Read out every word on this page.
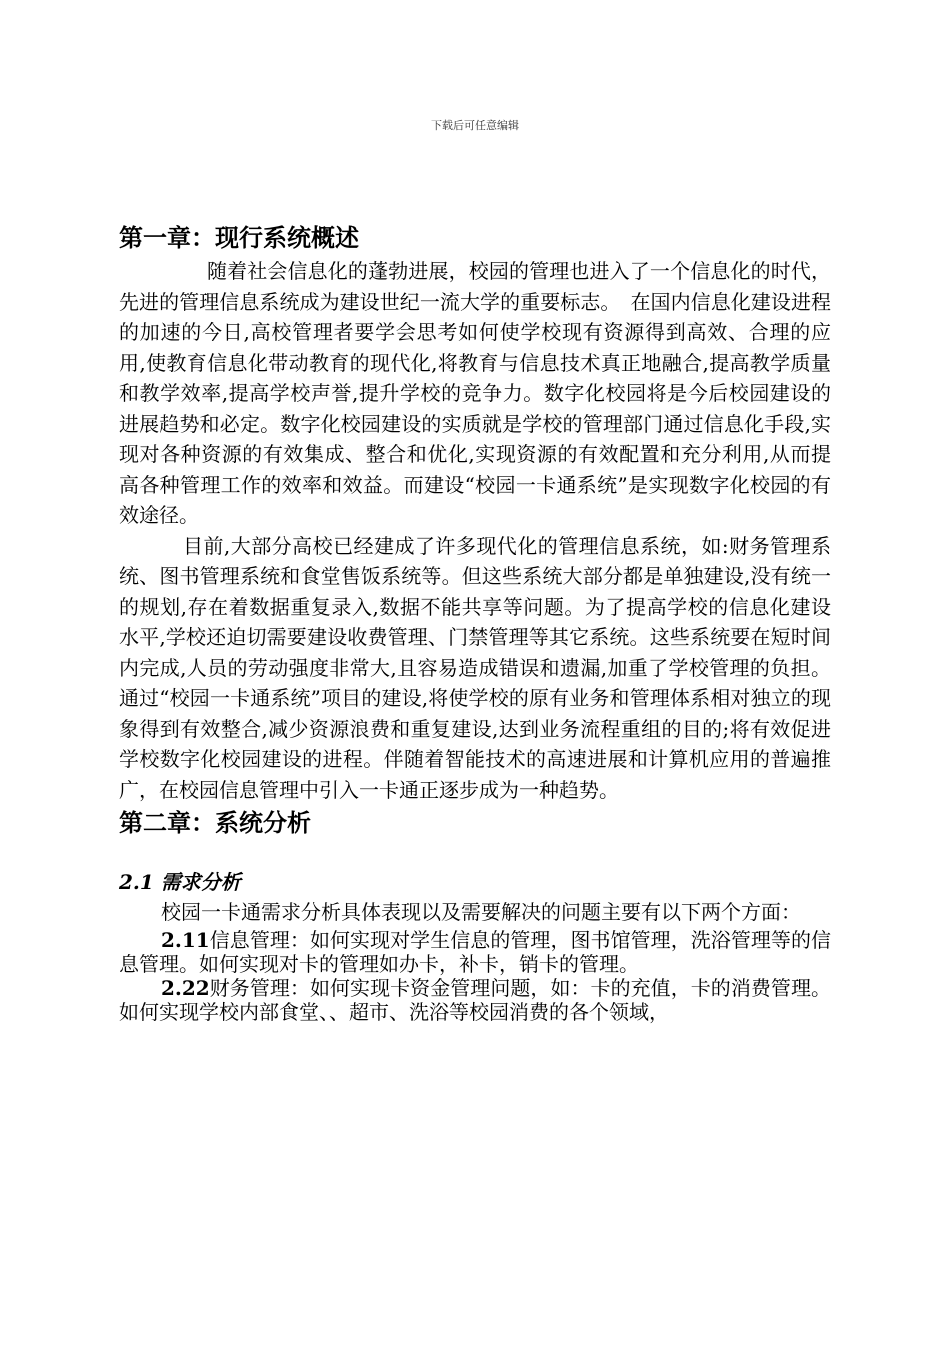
下载后可任意编辑
第一章：现行系统概述

随着社会信息化的蓬勃进展，校园的管理也进入了一个信息化的时代，先进的管理信息系统成为建设世纪一流大学的重要标志。　在国内信息化建设进程的加速的今日,高校管理者要学会思考如何使学校现有资源得到高效、合理的应用,使教育信息化带动教育的现代化,将教育与信息技术真正地融合,提高教学质量和教学效率,提高学校声誉,提升学校的竞争力。数字化校园将是今后校园建设的进展趋势和必定。数字化校园建设的实质就是学校的管理部门通过信息化手段,实现对各种资源的有效集成、整合和优化,实现资源的有效配置和充分利用,从而提高各种管理工作的效率和效益。而建设“校园一卡通系统”是实现数字化校园的有效途径。

目前,大部分高校已经建成了许多现代化的管理信息系统，如:财务管理系统、图书管理系统和食堂售饭系统等。但这些系统大部分都是单独建设,没有统一的规划,存在着数据重复录入,数据不能共享等问题。为了提高学校的信息化建设水平,学校还迫切需要建设收费管理、门禁管理等其它系统。这些系统要在短时间内完成,人员的劳动强度非常大,且容易造成错误和遗漏,加重了学校管理的负担。通过“校园一卡通系统”项目的建设,将使学校的原有业务和管理体系相对独立的现象得到有效整合,减少资源浪费和重复建设,达到业务流程重组的目的;将有效促进学校数字化校园建设的进程。伴随着智能技术的高速进展和计算机应用的普遍推广，在校园信息管理中引入一卡通正逐步成为一种趋势。

第二章：系统分析
2.1 需求分析

校园一卡通需求分析具体表现以及需要解决的问题主要有以下两个方面：

2.11信息管理：如何实现对学生信息的管理，图书馆管理，洗浴管理等的信息管理。如何实现对卡的管理如办卡，补卡，销卡的管理。

2.22财务管理：如何实现卡资金管理问题，如：卡的充值，卡的消费管理。如何实现学校内部食堂、、超市、洗浴等校园消费的各个领域，
